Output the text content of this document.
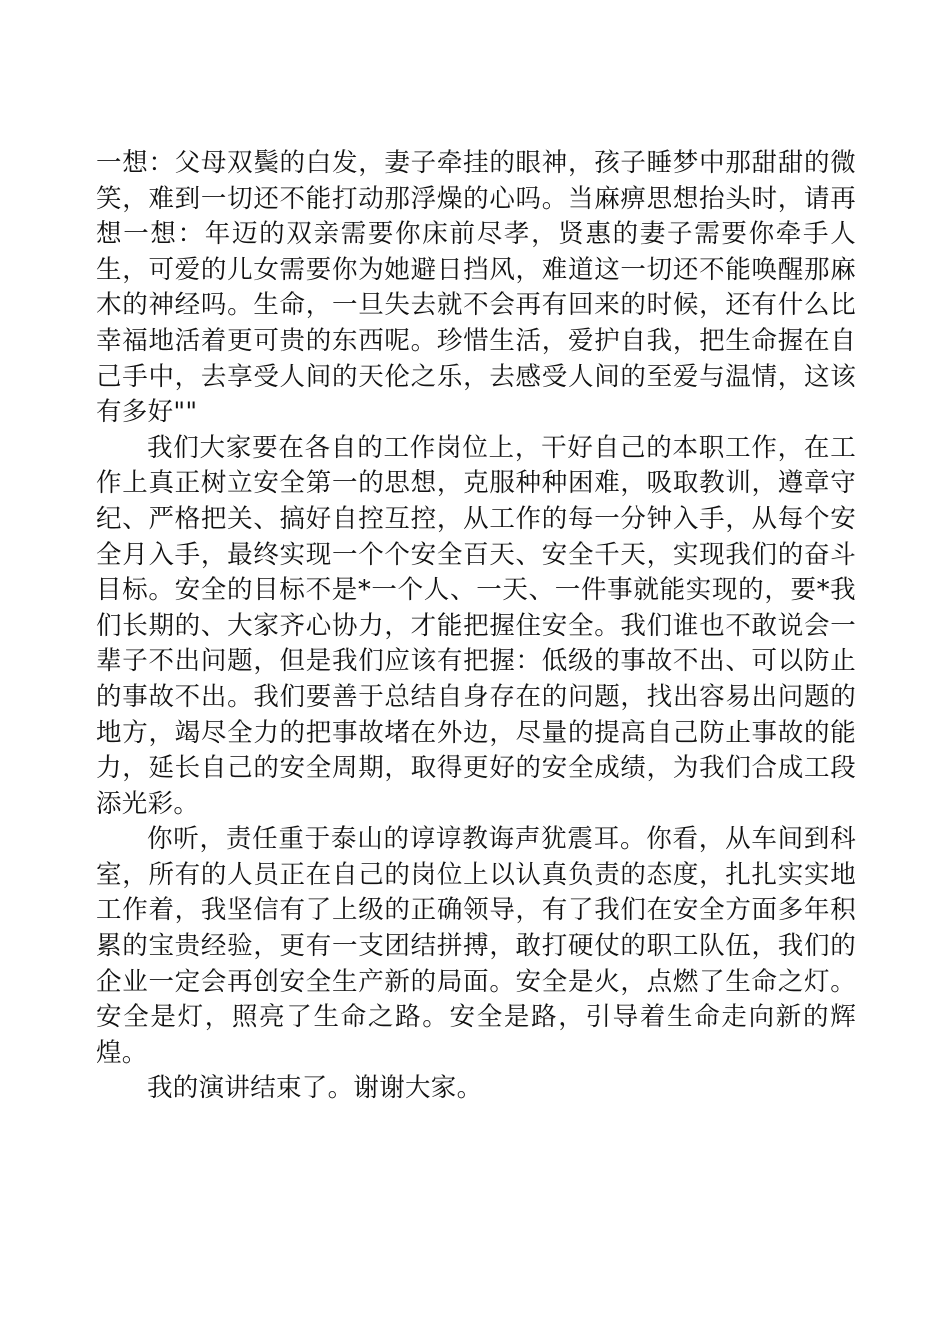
一想：父母双鬓的白发，妻子牵挂的眼神，孩子睡梦中那甜甜的微笑，难到一切还不能打动那浮燥的心吗。当麻痹思想抬头时，请再想一想：年迈的双亲需要你床前尽孝，贤惠的妻子需要你牵手人生，可爱的儿女需要你为她避日挡风，难道这一切还不能唤醒那麻木的神经吗。生命，一旦失去就不会再有回来的时候，还有什么比幸福地活着更可贵的东西呢。珍惜生活，爱护自我，把生命握在自己手中，去享受人间的天伦之乐，去感受人间的至爱与温情，这该有多好""

我们大家要在各自的工作岗位上，干好自己的本职工作，在工作上真正树立安全第一的思想，克服种种困难，吸取教训，遵章守纪、严格把关、搞好自控互控，从工作的每一分钟入手，从每个安全月入手，最终实现一个个安全百天、安全千天，实现我们的奋斗目标。安全的目标不是*一个人、一天、一件事就能实现的，要*我们长期的、大家齐心协力，才能把握住安全。我们谁也不敢说会一辈子不出问题，但是我们应该有把握：低级的事故不出、可以防止的事故不出。我们要善于总结自身存在的问题，找出容易出问题的地方，竭尽全力的把事故堵在外边，尽量的提高自己防止事故的能力，延长自己的安全周期，取得更好的安全成绩，为我们合成工段添光彩。

你听，责任重于泰山的谆谆教诲声犹震耳。你看，从车间到科室，所有的人员正在自己的岗位上以认真负责的态度，扎扎实实地工作着，我坚信有了上级的正确领导，有了我们在安全方面多年积累的宝贵经验，更有一支团结拼搏，敢打硬仗的职工队伍，我们的企业一定会再创安全生产新的局面。安全是火，点燃了生命之灯。安全是灯，照亮了生命之路。安全是路，引导着生命走向新的辉煌。

我的演讲结束了。谢谢大家。
